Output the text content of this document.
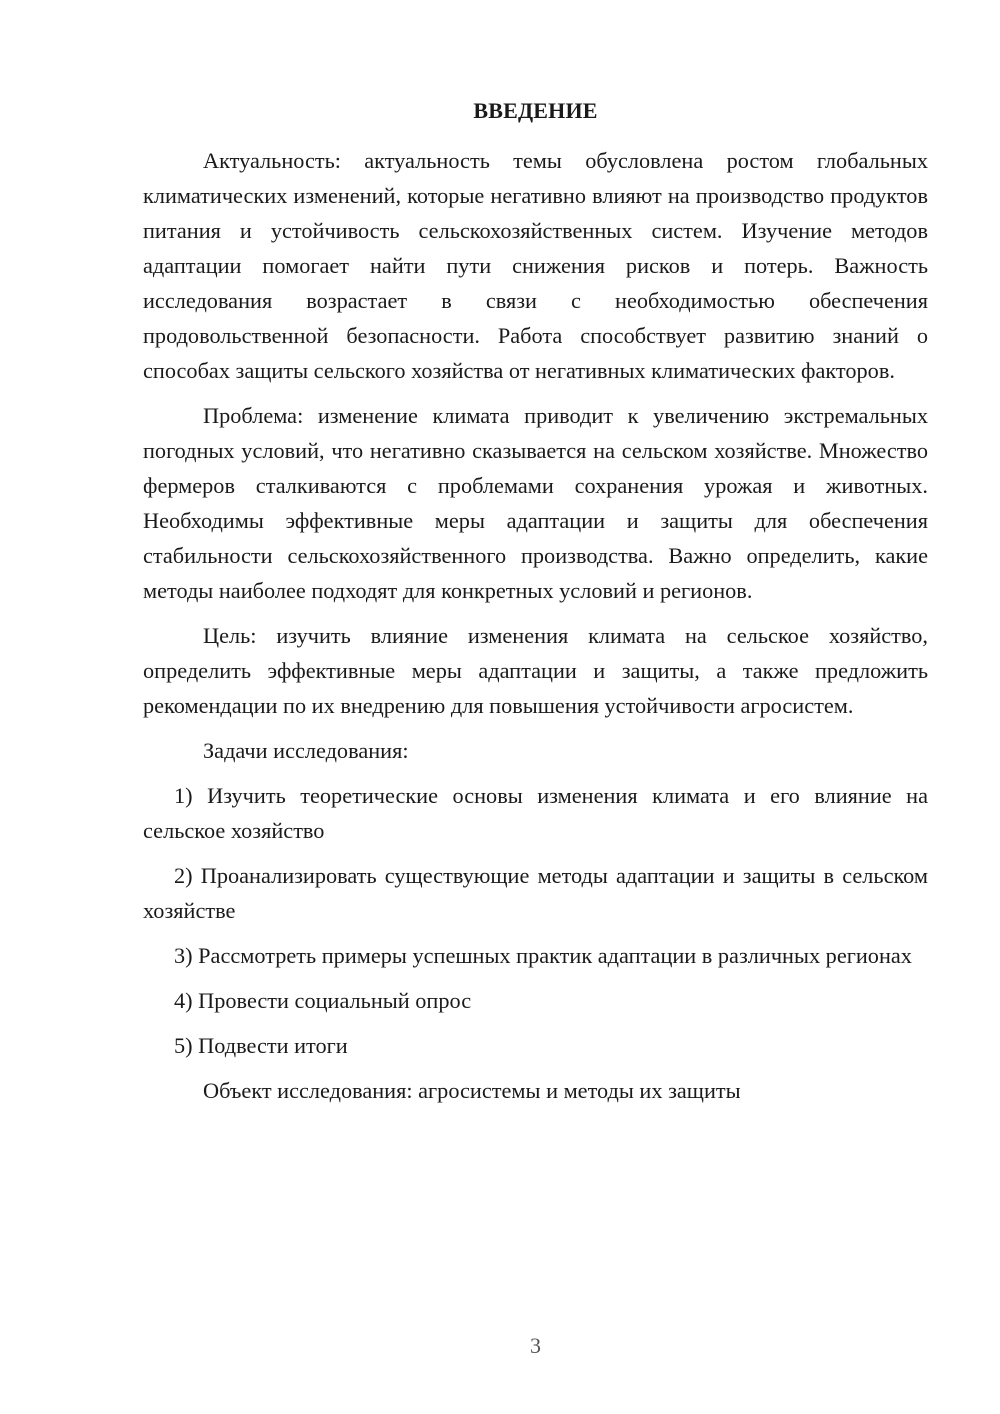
ВВЕДЕНИЕ

Актуальность: актуальность темы обусловлена ростом глобальных климатических изменений, которые негативно влияют на производство продуктов питания и устойчивость сельскохозяйственных систем. Изучение методов адаптации помогает найти пути снижения рисков и потерь. Важность исследования возрастает в связи с необходимостью обеспечения продовольственной безопасности. Работа способствует развитию знаний о способах защиты сельского хозяйства от негативных климатических факторов.

Проблема: изменение климата приводит к увеличению экстремальных погодных условий, что негативно сказывается на сельском хозяйстве. Множество фермеров сталкиваются с проблемами сохранения урожая и животных. Необходимы эффективные меры адаптации и защиты для обеспечения стабильности сельскохозяйственного производства. Важно определить, какие методы наиболее подходят для конкретных условий и регионов.

Цель: изучить влияние изменения климата на сельское хозяйство, определить эффективные меры адаптации и защиты, а также предложить рекомендации по их внедрению для повышения устойчивости агросистем.

Задачи исследования:

1) Изучить теоретические основы изменения климата и его влияние на сельское хозяйство

2) Проанализировать существующие методы адаптации и защиты в сельском хозяйстве

3) Рассмотреть примеры успешных практик адаптации в различных регионах

4) Провести социальный опрос

5) Подвести итоги

Объект исследования: агросистемы и методы их защиты

3
